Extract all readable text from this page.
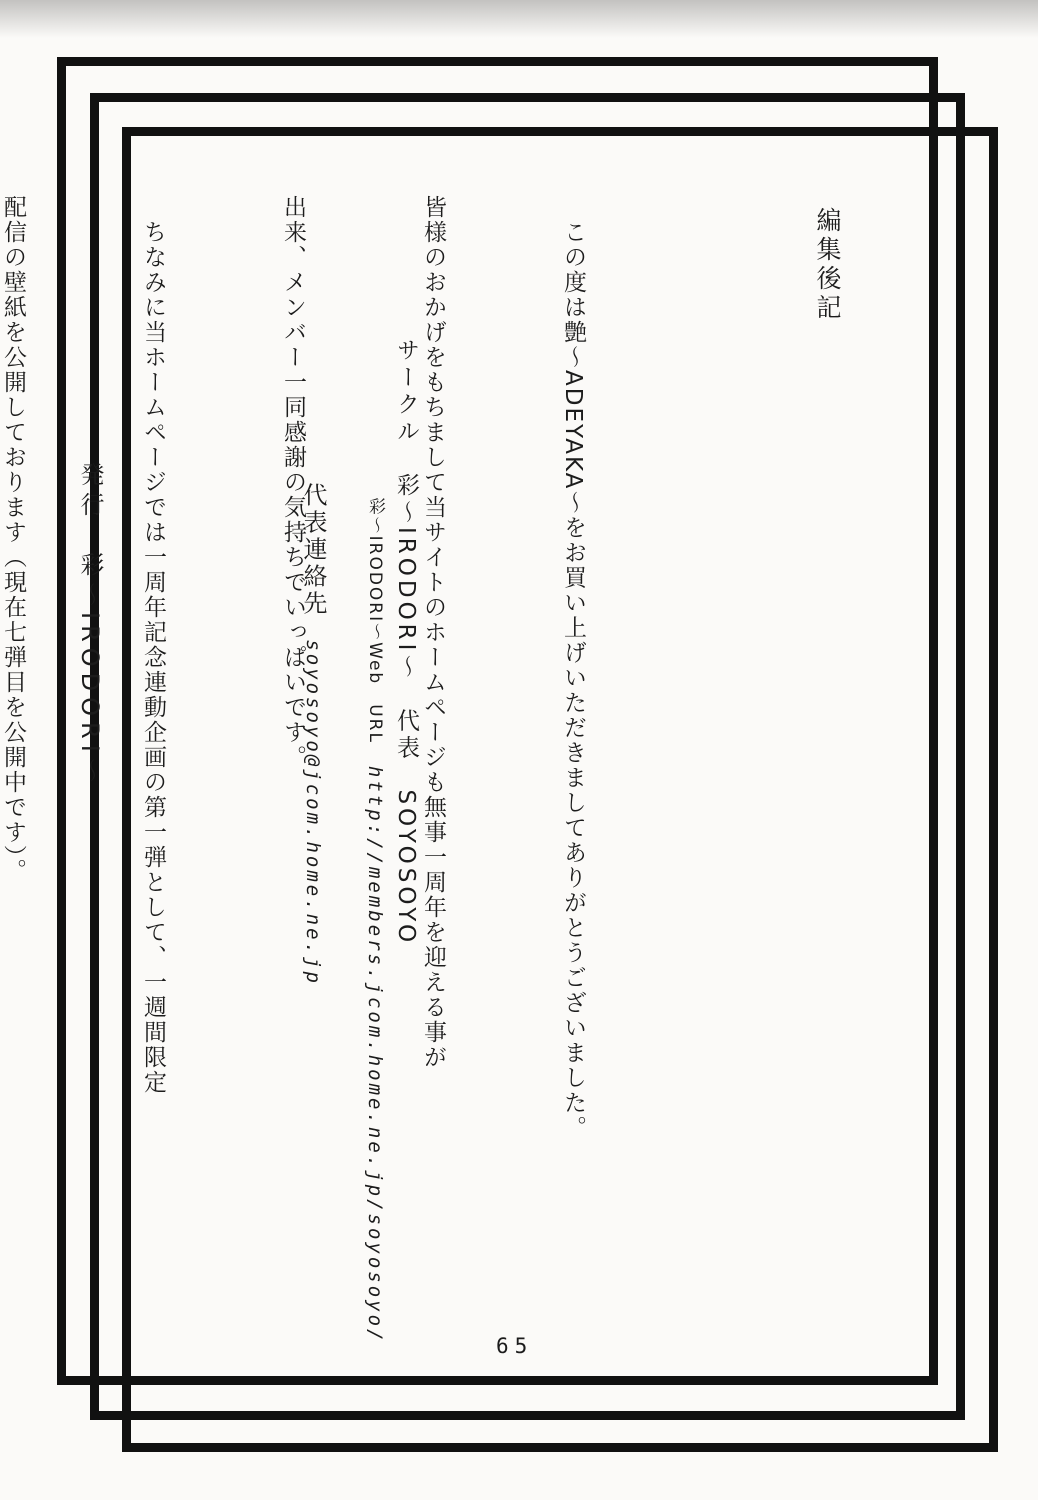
編集後記

　この度は艶～ADEYAKA～をお買い上げいただきましてありがとうございました。

皆様のおかげをもちまして当サイトのホームページも無事一周年を迎える事が

出来、メンバー一同感謝の気持ちでいっぱいです。

　ちなみに当ホームページでは一周年記念連動企画の第一弾として、一週間限定

配信の壁紙を公開しております（現在七弾目を公開中です）。

	サークル　彩～IRODORI～　代表　SOYOSOYO

彩～IRODORI～Web　URLhttp://members.jcom.home.ne.jp/soyosoyo/

代表連絡先soyosoyo@jcom.home.ne.jp

発行　彩～IRODORI～

65
